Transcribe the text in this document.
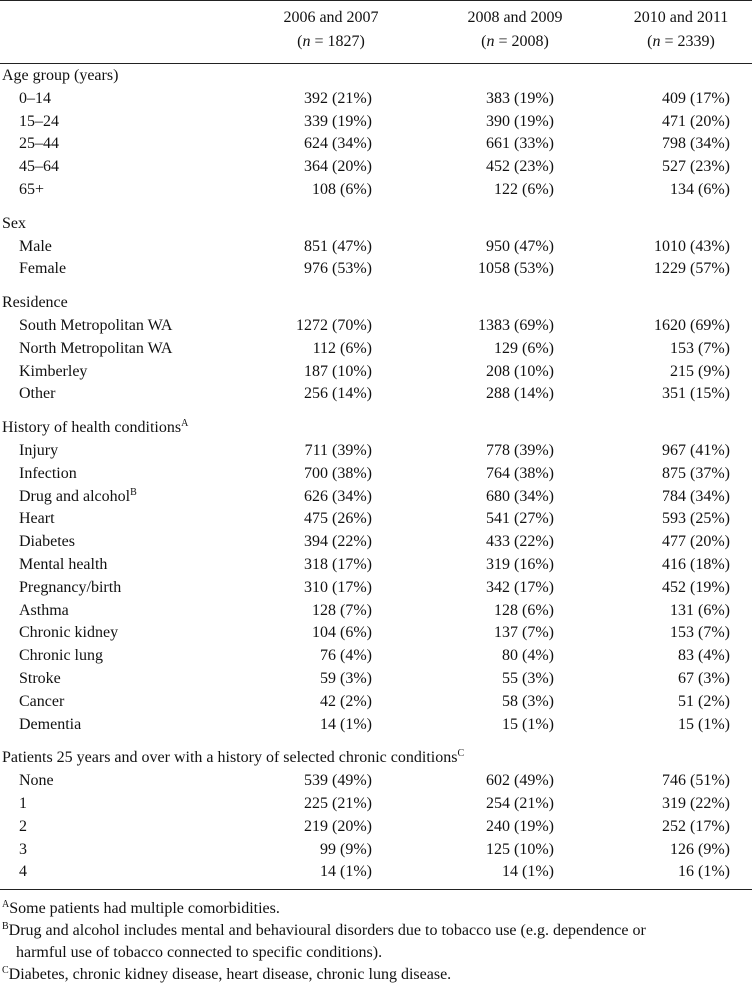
2006 and 2007
(n = 1827)
2008 and 2009
(n = 2008)
2010 and 2011
(n = 2339)
Age group (years)
0–14	392 (21%)	383 (19%)	409 (17%)
15–24	339 (19%)	390 (19%)	471 (20%)
25–44	624 (34%)	661 (33%)	798 (34%)
45–64	364 (20%)	452 (23%)	527 (23%)
65+	108 (6%)	122 (6%)	134 (6%)
Sex
Male	851 (47%)	950 (47%)	1010 (43%)
Female	976 (53%)	1058 (53%)	1229 (57%)
Residence
South Metropolitan WA	1272 (70%)	1383 (69%)	1620 (69%)
North Metropolitan WA	112 (6%)	129 (6%)	153 (7%)
Kimberley	187 (10%)	208 (10%)	215 (9%)
Other	256 (14%)	288 (14%)	351 (15%)
History of health conditions$^A$
Injury	711 (39%)	778 (39%)	967 (41%)
Infection	700 (38%)	764 (38%)	875 (37%)
Drug and alcohol$^B$	626 (34%)	680 (34%)	784 (34%)
Heart	475 (26%)	541 (27%)	593 (25%)
Diabetes	394 (22%)	433 (22%)	477 (20%)
Mental health	318 (17%)	319 (16%)	416 (18%)
Pregnancy/birth	310 (17%)	342 (17%)	452 (19%)
Asthma	128 (7%)	128 (6%)	131 (6%)
Chronic kidney	104 (6%)	137 (7%)	153 (7%)
Chronic lung	76 (4%)	80 (4%)	83 (4%)
Stroke	59 (3%)	55 (3%)	67 (3%)
Cancer	42 (2%)	58 (3%)	51 (2%)
Dementia	14 (1%)	15 (1%)	15 (1%)
Patients 25 years and over with a history of selected chronic conditions$^C$
None	539 (49%)	602 (49%)	746 (51%)
1	225 (21%)	254 (21%)	319 (22%)
2	219 (20%)	240 (19%)	252 (17%)
3	99 (9%)	125 (10%)	126 (9%)
4	14 (1%)	14 (1%)	16 (1%)
$^A$Some patients had multiple comorbidities.
$^B$Drug and alcohol includes mental and behavioural disorders due to tobacco use (e.g. dependence or
harmful use of tobacco connected to specific conditions).
$^C$Diabetes, chronic kidney disease, heart disease, chronic lung disease.
